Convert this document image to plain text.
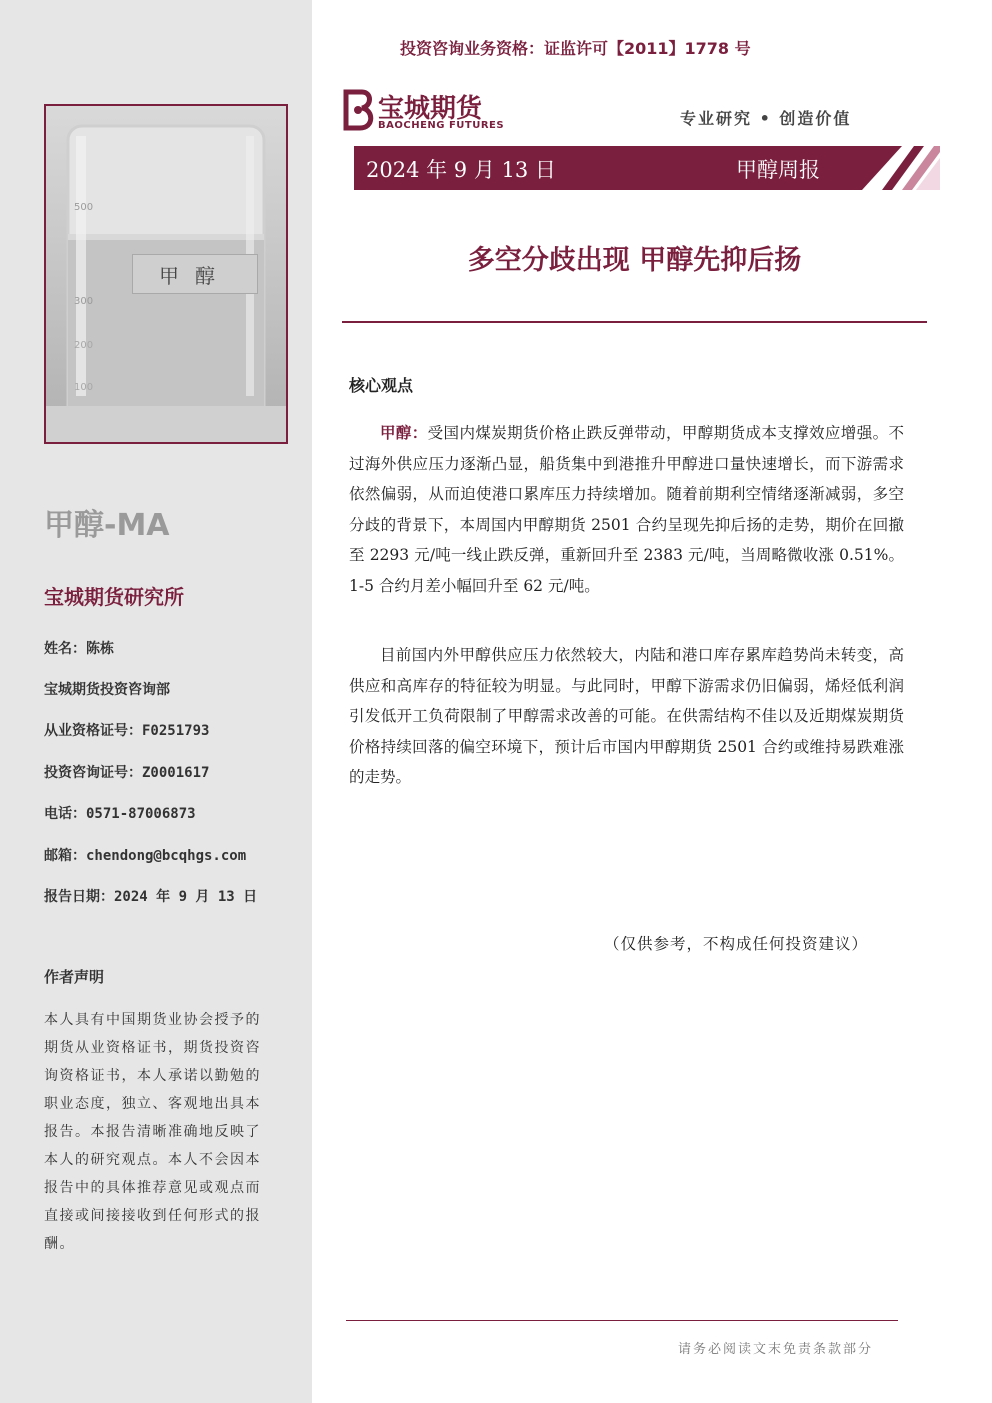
500
300
200
100
甲醇
甲醇-MA
宝城期货研究所
姓名：陈栋
宝城期货投资咨询部
从业资格证号：F0251793
投资咨询证号：Z0001617
电话：0571-87006873
邮箱：chendong@bcqhgs.com
报告日期：2024 年 9 月 13 日
作者声明
本人具有中国期货业协会授予的期货从业资格证书，期货投资咨询资格证书，本人承诺以勤勉的职业态度，独立、客观地出具本报告。本报告清晰准确地反映了本人的研究观点。本人不会因本报告中的具体推荐意见或观点而直接或间接接收到任何形式的报酬。
投资咨询业务资格：证监许可【2011】1778 号
宝城期货
BAOCHENG FUTURES	专业研究 • 创造价值
2024 年 9 月 13 日	甲醇周报
多空分歧出现 甲醇先抑后扬
核心观点
甲醇：受国内煤炭期货价格止跌反弹带动，甲醇期货成本支撑效应增强。不过海外供应压力逐渐凸显，船货集中到港推升甲醇进口量快速增长，而下游需求依然偏弱，从而迫使港口累库压力持续增加。随着前期利空情绪逐渐减弱，多空分歧的背景下，本周国内甲醇期货 2501 合约呈现先抑后扬的走势，期价在回撤至 2293 元/吨一线止跌反弹，重新回升至 2383 元/吨，当周略微收涨 0.51%。1-5 合约月差小幅回升至 62 元/吨。
目前国内外甲醇供应压力依然较大，内陆和港口库存累库趋势尚未转变，高供应和高库存的特征较为明显。与此同时，甲醇下游需求仍旧偏弱，烯烃低利润引发低开工负荷限制了甲醇需求改善的可能。在供需结构不佳以及近期煤炭期货价格持续回落的偏空环境下，预计后市国内甲醇期货 2501 合约或维持易跌难涨的走势。
（仅供参考，不构成任何投资建议）
请务必阅读文末免责条款部分
